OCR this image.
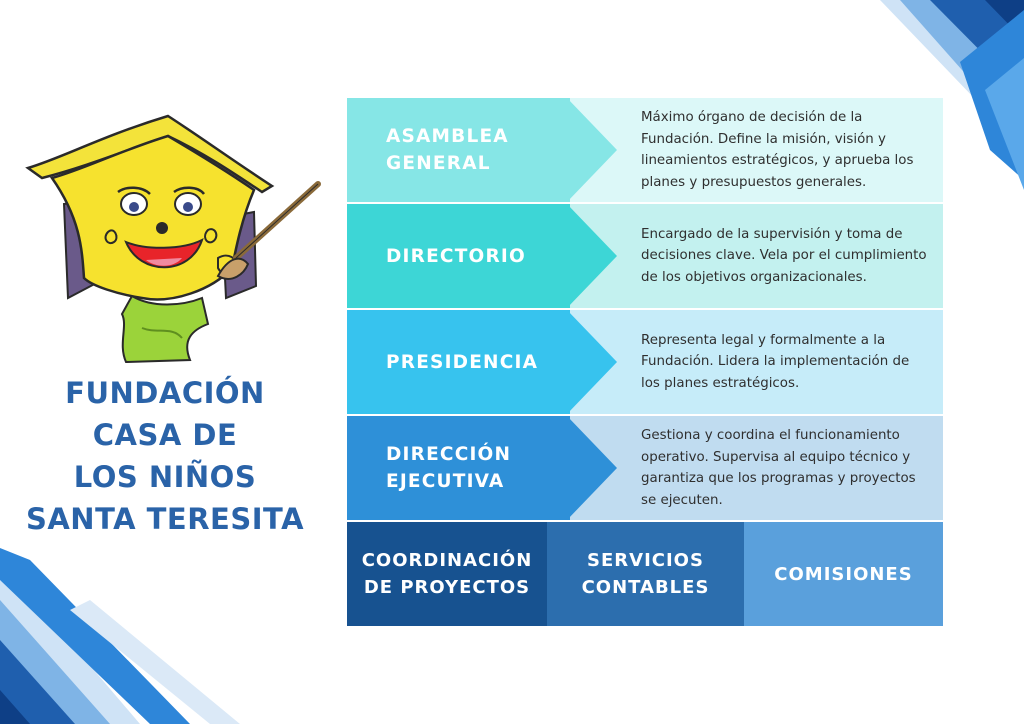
FUNDACIÓN
CASA DE
LOS NIÑOS
SANTA TERESITA
ASAMBLEA GENERAL
Máximo órgano de decisión de la Fundación. Define la misión, visión y lineamientos estratégicos, y aprueba los planes y presupuestos generales.
DIRECTORIO
Encargado de la supervisión y toma de decisiones clave. Vela por el cumplimiento de los objetivos organizacionales.
PRESIDENCIA
Representa legal y formalmente a la Fundación. Lidera la implementación de los planes estratégicos.
DIRECCIÓN EJECUTIVA
Gestiona y coordina el funcionamiento operativo. Supervisa al equipo técnico y garantiza que los programas y proyectos se ejecuten.
COORDINACIÓN DE PROYECTOS
SERVICIOS CONTABLES
COMISIONES
